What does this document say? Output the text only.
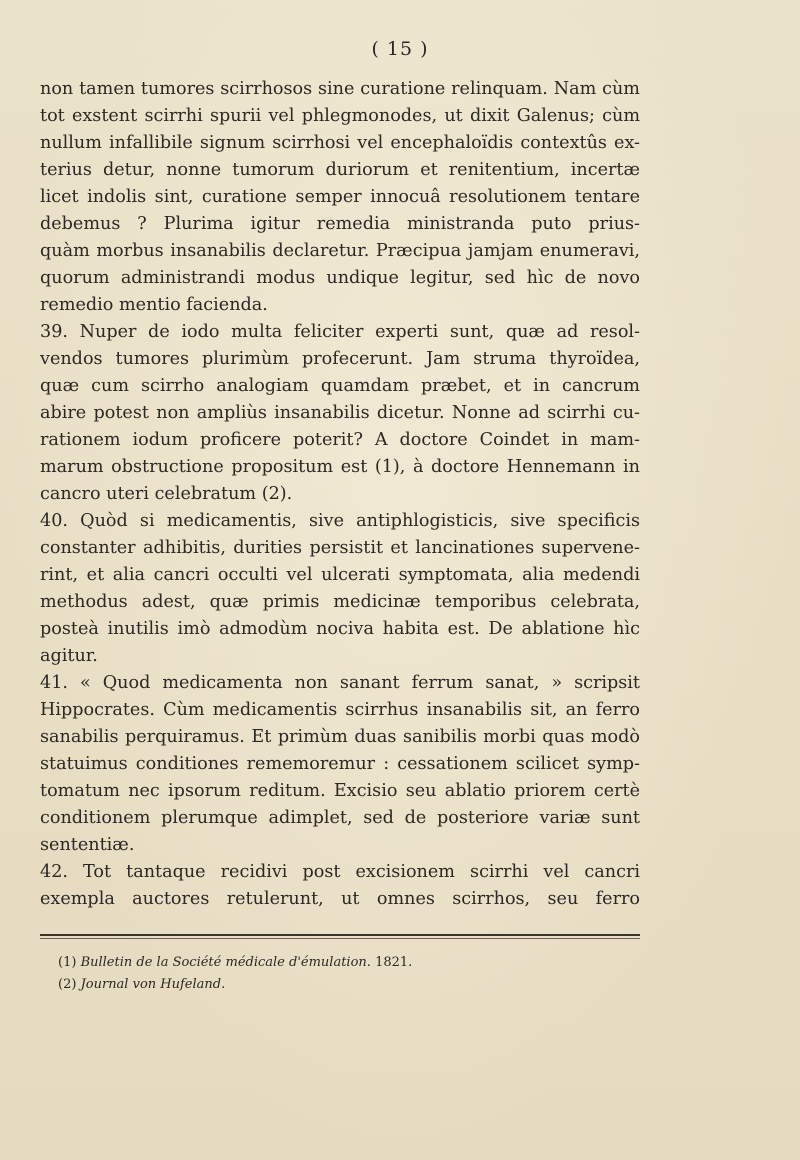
( 15 )
non tamen tumores scirrhosos sine curatione relinquam. Nam cùm
tot exstent scirrhi spurii vel phlegmonodes, ut dixit Galenus; cùm
nullum infallibile signum scirrhosi vel encephaloïdis contextûs ex-
terius detur, nonne tumorum duriorum et renitentium, incertæ
licet indolis sint, curatione semper innocuâ resolutionem tentare
debemus ? Plurima igitur remedia ministranda puto prius-
quàm morbus insanabilis declaretur. Præcipua jamjam enumeravi,
quorum administrandi modus undique legitur, sed hìc de novo
remedio mentio facienda.
39. Nuper de iodo multa feliciter experti sunt, quæ ad resol-
vendos tumores plurimùm profecerunt. Jam struma thyroïdea,
quæ cum scirrho analogiam quamdam præbet, et in cancrum
abire potest non ampliùs insanabilis dicetur. Nonne ad scirrhi cu-
rationem iodum proficere poterit? A doctore Coindet in mam-
marum obstructione propositum est (1), à doctore Hennemann in
cancro uteri celebratum (2).
40. Quòd si medicamentis, sive antiphlogisticis, sive specificis
constanter adhibitis, durities persistit et lancinationes supervene-
rint, et alia cancri occulti vel ulcerati symptomata, alia medendi
methodus adest, quæ primis medicinæ temporibus celebrata,
posteà inutilis imò admodùm nociva habita est. De ablatione hìc
agitur.
41. « Quod medicamenta non sanant ferrum sanat, » scripsit
Hippocrates. Cùm medicamentis scirrhus insanabilis sit, an ferro
sanabilis perquiramus. Et primùm duas sanibilis morbi quas modò
statuimus conditiones rememoremur : cessationem scilicet symp-
tomatum nec ipsorum reditum. Excisio seu ablatio priorem certè
conditionem plerumque adimplet, sed de posteriore variæ sunt
sententiæ.
42. Tot tantaque recidivi post excisionem scirrhi vel cancri
exempla auctores retulerunt, ut omnes scirrhos, seu ferro
(1) Bulletin de la Société médicale d'émulation. 1821.
(2) Journal von Hufeland.
